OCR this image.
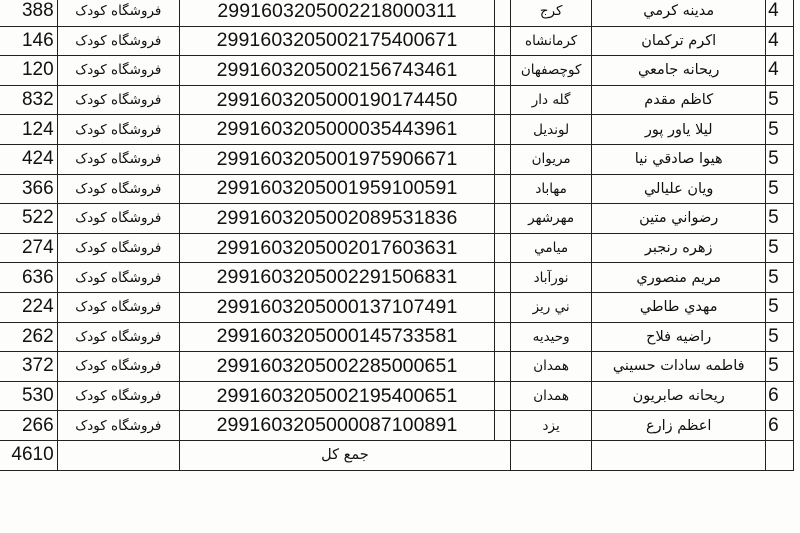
388	فروشگاه کودک	2991603205002218000311		كرج	مدينه كرمي	4
146	فروشگاه کودک	2991603205002175400671		كرمانشاه	اكرم تركمان	4
120	فروشگاه کودک	2991603205002156743461		كوچصفهان	ريحانه جامعي	4
832	فروشگاه کودک	2991603205000190174450		گله دار	كاظم مقدم	5
124	فروشگاه کودک	2991603205000035443961		لونديل	ليلا ياور پور	5
424	فروشگاه کودک	2991603205001975906671		مريوان	هيوا صادقي نيا	5
366	فروشگاه کودک	2991603205001959100591		مهاباد	ويان علیالي	5
522	فروشگاه کودک	2991603205002089531836		مهرشهر	رضواني متين	5
274	فروشگاه کودک	2991603205002017603631		ميامي	زهره رنجبر	5
636	فروشگاه کودک	2991603205002291506831		نورآباد	مريم منصوري	5
224	فروشگاه کودک	2991603205000137107491		ني ريز	مهدي طاطي	5
262	فروشگاه کودک	2991603205000145733581		وحيديه	راضيه فلاح	5
372	فروشگاه کودک	2991603205002285000651		همدان	فاطمه سادات حسيني	5
530	فروشگاه کودک	2991603205002195400651		همدان	ريحانه صابريون	6
266	فروشگاه کودک	2991603205000087100891		يزد	اعظم زارع	6
4610		جمع كل				
